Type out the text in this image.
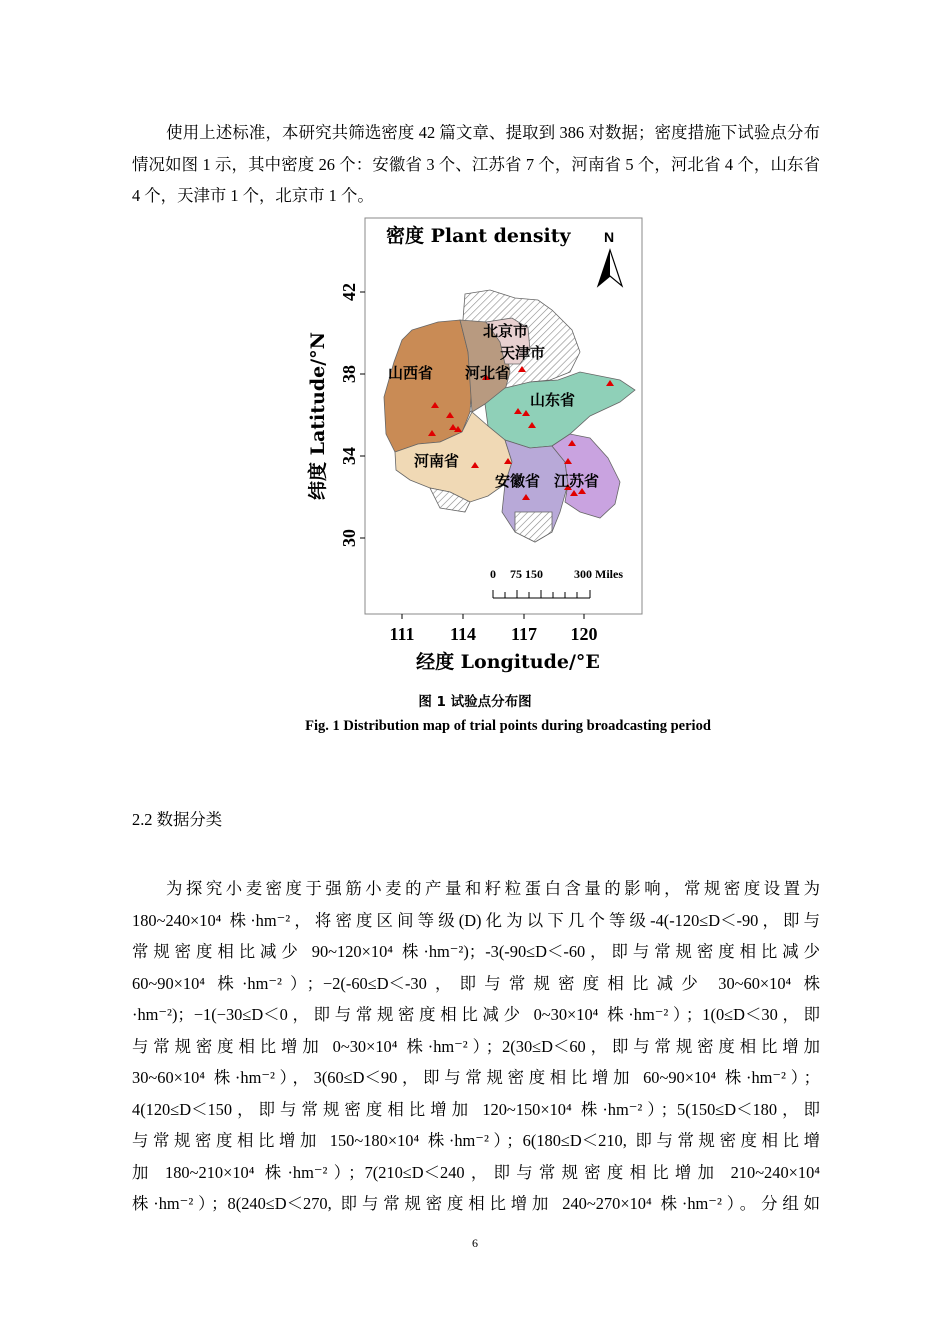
使用上述标准，本研究共筛选密度 42 篇文章、提取到 386 对数据；密度措施下试验点分布情况如图 1 示，其中密度 26 个：安徽省 3 个、江苏省 7 个，河南省 5 个，河北省 4 个，山东省 4 个，天津市 1 个，北京市 1 个。
北京市
天津市
山西省 河北省
山东省
河南省
安徽省 江苏省
密度 Plant density N
0 75 150	300 Miles
42
38
34
30
纬度 Latitude/°N
111 114 117 120
经度 Longitude/°E
图 1 试验点分布图
Fig. 1 Distribution map of trial points during broadcasting period
2.2 数据分类
为探究小麦密度于强筋小麦的产量和籽粒蛋白含量的影响，常规密度设置为
180~240×10⁴ 株·hm⁻²，将密度区间等级(D)化为以下几个等级-4(-120≤D＜-90，即与
常规密度相比减少 90~120×10⁴ 株·hm⁻²)；-3(-90≤D＜-60，即与常规密度相比减少
60~90×10⁴ 株·hm⁻²）；−2(-60≤D＜-30，即与常规密度相比减少 30~60×10⁴ 株
·hm⁻²)；−1(−30≤D＜0，即与常规密度相比减少 0~30×10⁴ 株·hm⁻²）；1(0≤D＜30，即
与常规密度相比增加 0~30×10⁴ 株·hm⁻²）；2(30≤D＜60，即与常规密度相比增加
30~60×10⁴ 株·hm⁻²），3(60≤D＜90，即与常规密度相比增加 60~90×10⁴ 株·hm⁻²）；
4(120≤D＜150，即与常规密度相比增加 120~150×10⁴ 株·hm⁻²）；5(150≤D＜180，即
与常规密度相比增加 150~180×10⁴ 株·hm⁻²）；6(180≤D＜210, 即与常规密度相比增
加 180~210×10⁴ 株·hm⁻²）；7(210≤D＜240，即与常规密度相比增加 210~240×10⁴
株·hm⁻²）；8(240≤D＜270, 即与常规密度相比增加 240~270×10⁴ 株·hm⁻²）。分组如
6
